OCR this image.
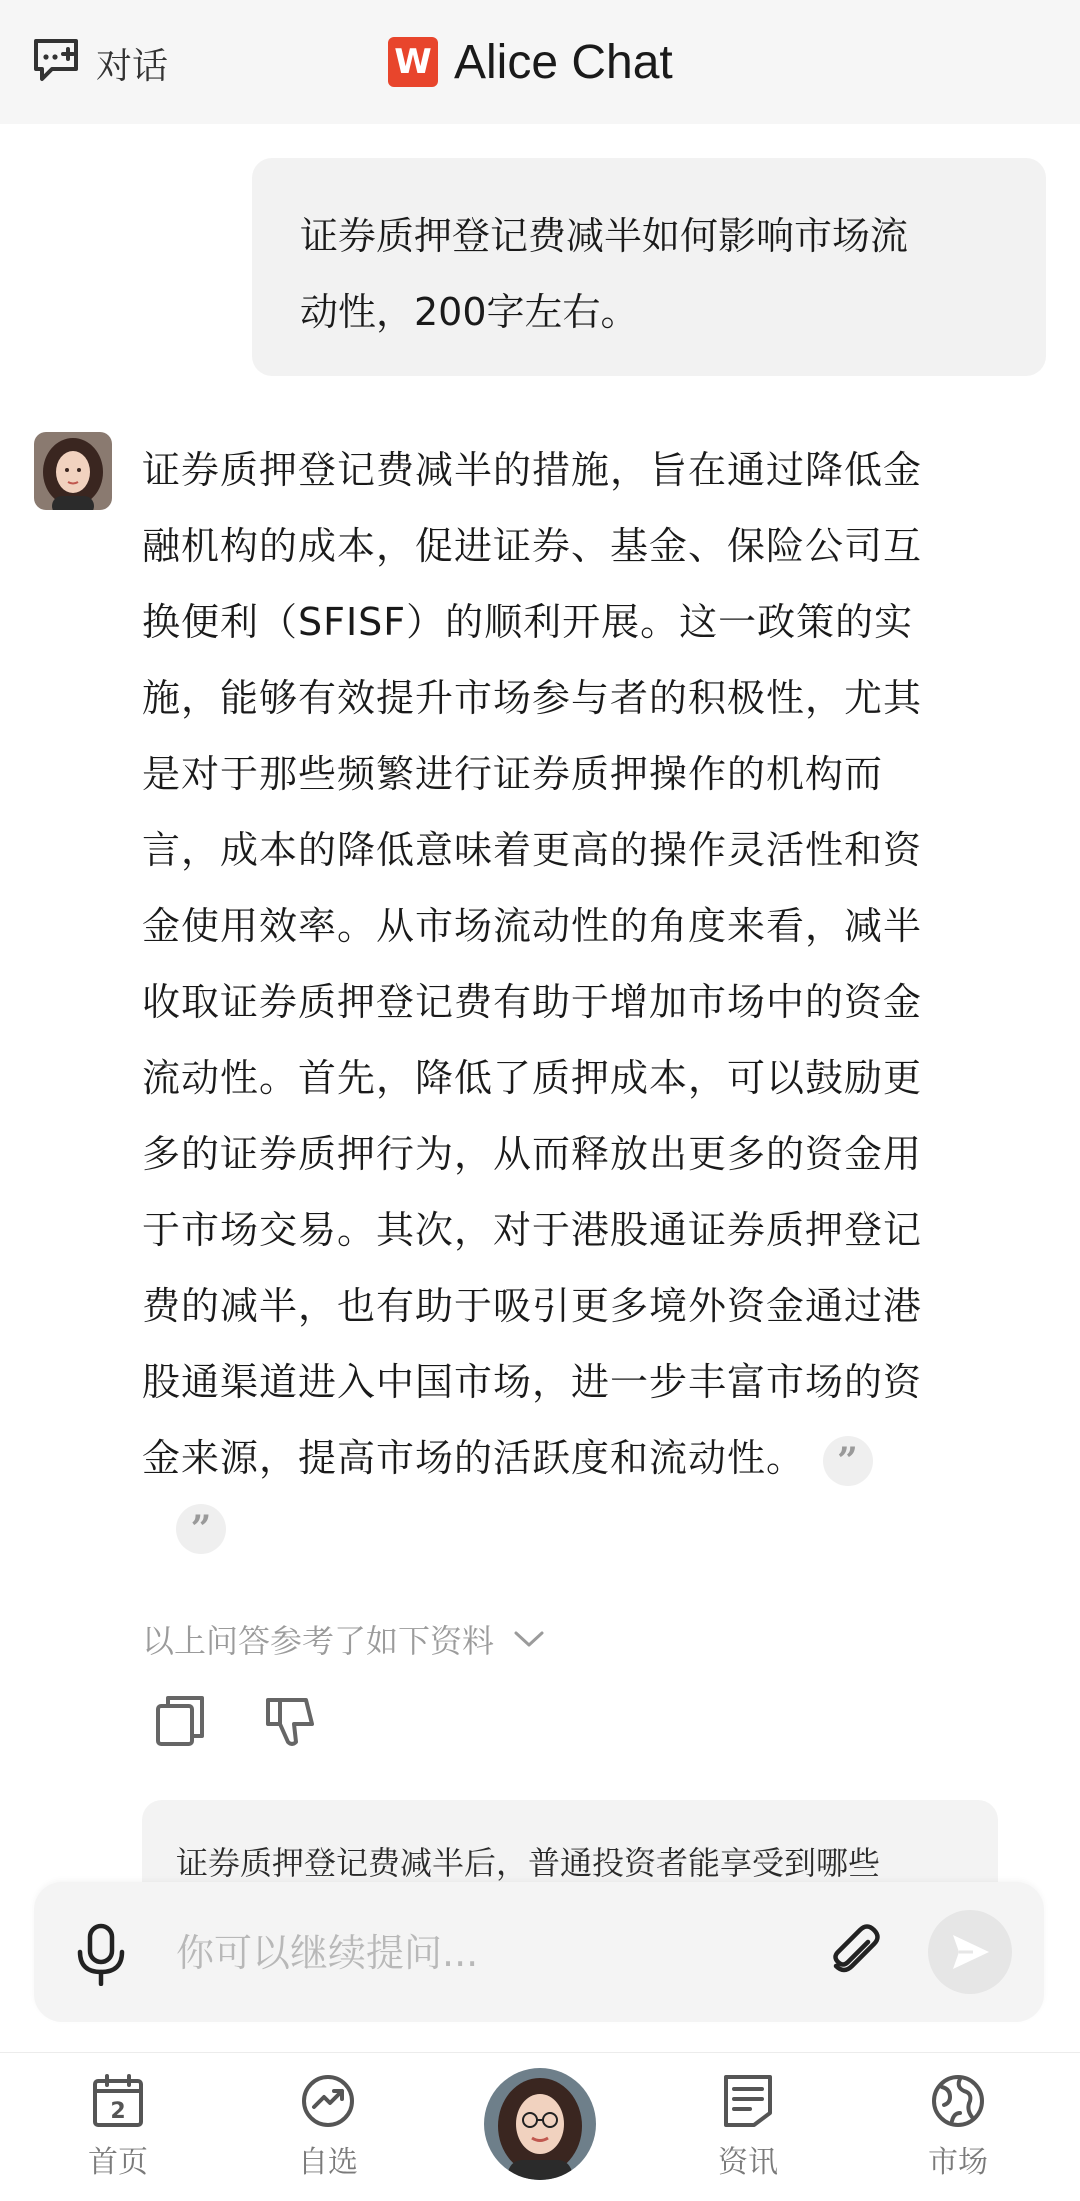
对话	W Alice Chat
证券质押登记费减半如何影响市场流
动性，200字左右。
证券质押登记费减半的措施，旨在通过降低金
融机构的成本，促进证券、基金、保险公司互
换便利（SFISF）的顺利开展。这一政策的实
施，能够有效提升市场参与者的积极性，尤其
是对于那些频繁进行证券质押操作的机构而
言，成本的降低意味着更高的操作灵活性和资
金使用效率。从市场流动性的角度来看，减半
收取证券质押登记费有助于增加市场中的资金
流动性。首先，降低了质押成本，可以鼓励更
多的证券质押行为，从而释放出更多的资金用
于市场交易。其次，对于港股通证券质押登记
费的减半，也有助于吸引更多境外资金通过港
股通渠道进入中国市场，进一步丰富市场的资
金来源，提高市场的活跃度和流动性。 ”
”
以上问答参考了如下资料
证券质押登记费减半后，普通投资者能享受到哪些
你可以继续提问...
2
首页	自选	资讯	市场
